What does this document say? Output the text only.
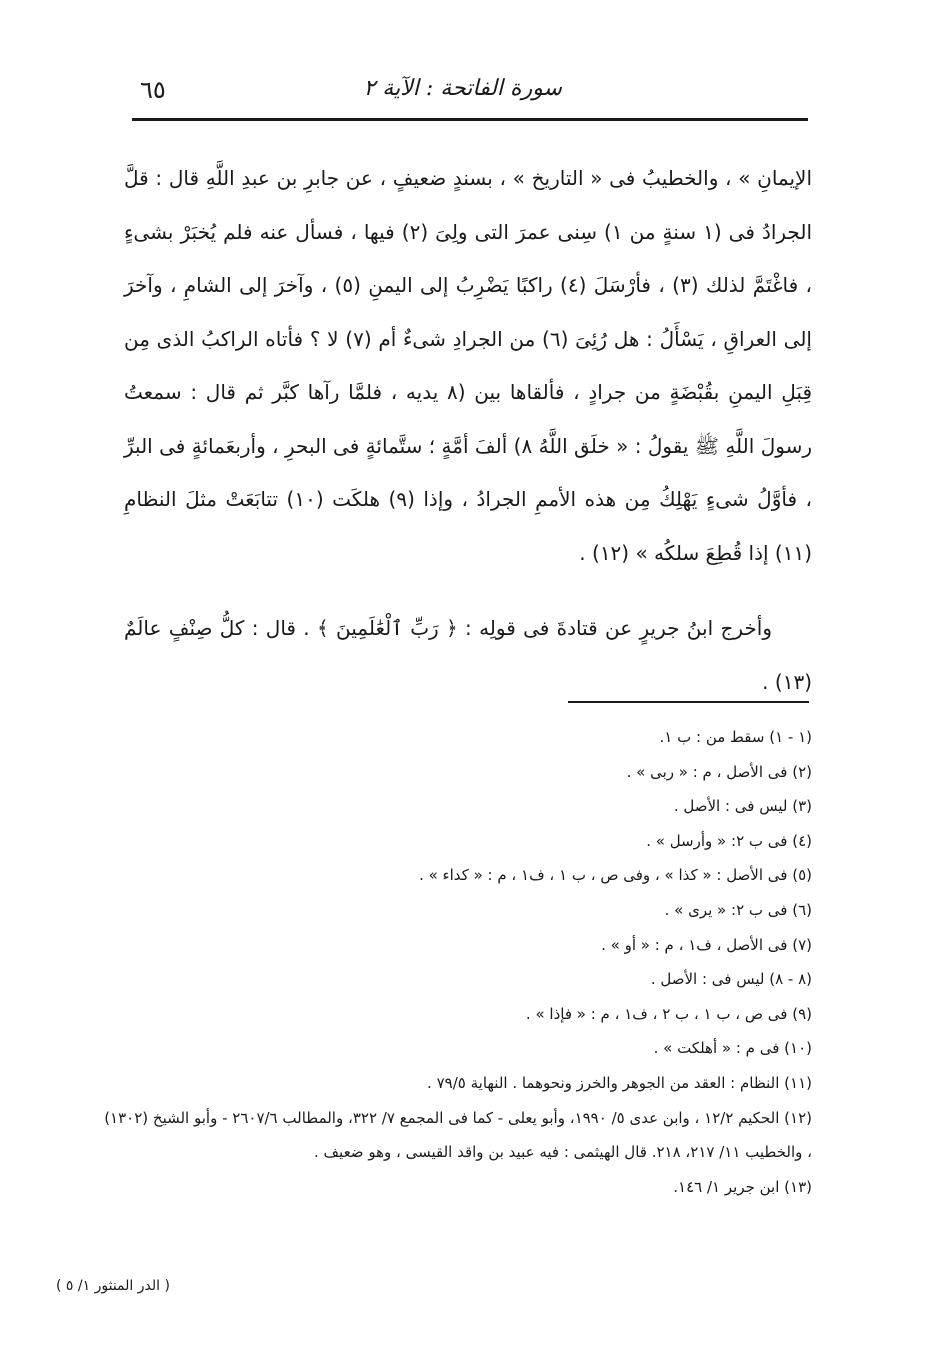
٦٥	سورة الفاتحة : الآية ٢

الإيمانِ » ، والخطيبُ فى « التاريخ » ، بسندٍ ضعيفٍ ، عن جابرِ بن عبدِ اللَّهِ قال : قلَّ الجرادُ فى (١ سنةٍ من ١) سِنى عمرَ التى ولِىَ (٢) فيها ، فسأل عنه فلم يُخبَرْ بشىءٍ ، فاغْتَمَّ لذلك (٣) ، فأرْسَلَ (٤) راكبًا يَضْرِبُ إلى اليمنِ (٥) ، وآخرَ إلى الشامِ ، وآخرَ إلى العراقِ ، يَسْأَلُ : هل رُئِىَ (٦) من الجرادِ شىءٌ أم (٧) لا ؟ فأتاه الراكبُ الذى مِن قِبَلِ اليمنِ بقُبْضَةٍ من جرادٍ ، فألقاها بين (٨ يديه ، فلمَّا رآها كبَّر ثم قال : سمعتُ رسولَ اللَّهِ ﷺ يقولُ : « خلَق اللَّهُ ٨) ألفَ أمَّةٍ ؛ ستَّمائةٍ فى البحرِ ، وأربعَمائةٍ فى البرِّ ، فأوَّلُ شىءٍ يَهْلِكُ مِن هذه الأممِ الجرادُ ، وإذا (٩) هلكَت (١٠) تتابَعَتْ مثلَ النظامِ (١١) إذا قُطِعَ سلكُه » (١٢) .

وأخرج ابنُ جريرٍ عن قتادةَ فى قولِه : ﴿ رَبِّ ٱلْعَٰلَمِينَ ﴾ . قال : كلُّ صِنْفٍ عالَمٌ (١٣) .

(١ - ١) سقط من : ب ١.
(٢) فى الأصل ، م : « ربى » .
(٣) ليس فى : الأصل .
(٤) فى ب ٢: « وأرسل » .
(٥) فى الأصل : « كذا » ، وفى ص ، ب ١ ، ف١ ، م : « كداء » .
(٦) فى ب ٢: « يرى » .
(٧) فى الأصل ، ف١ ، م : « أو » .
(٨ - ٨) ليس فى : الأصل .
(٩) فى ص ، ب ١ ، ب ٢ ، ف١ ، م : « فإذا » .
(١٠) فى م : « أهلكت » .
(١١) النظام : العقد من الجوهر والخرز ونحوهما . النهاية ٧٩/٥ .
(١٢) الحكيم ١٢/٢ ، وابن عدى ٥/ ١٩٩٠، وأبو يعلى - كما فى المجمع ٧/ ٣٢٢، والمطالب ٢٦٠٧/٦ - وأبو الشيخ (١٣٠٢) ، والخطيب ١١/ ٢١٧، ٢١٨. قال الهيثمى : فيه عبيد بن واقد القيسى ، وهو ضعيف .
(١٣) ابن جرير ١/ ١٤٦.
( الدر المنثور ١/ ٥ )
